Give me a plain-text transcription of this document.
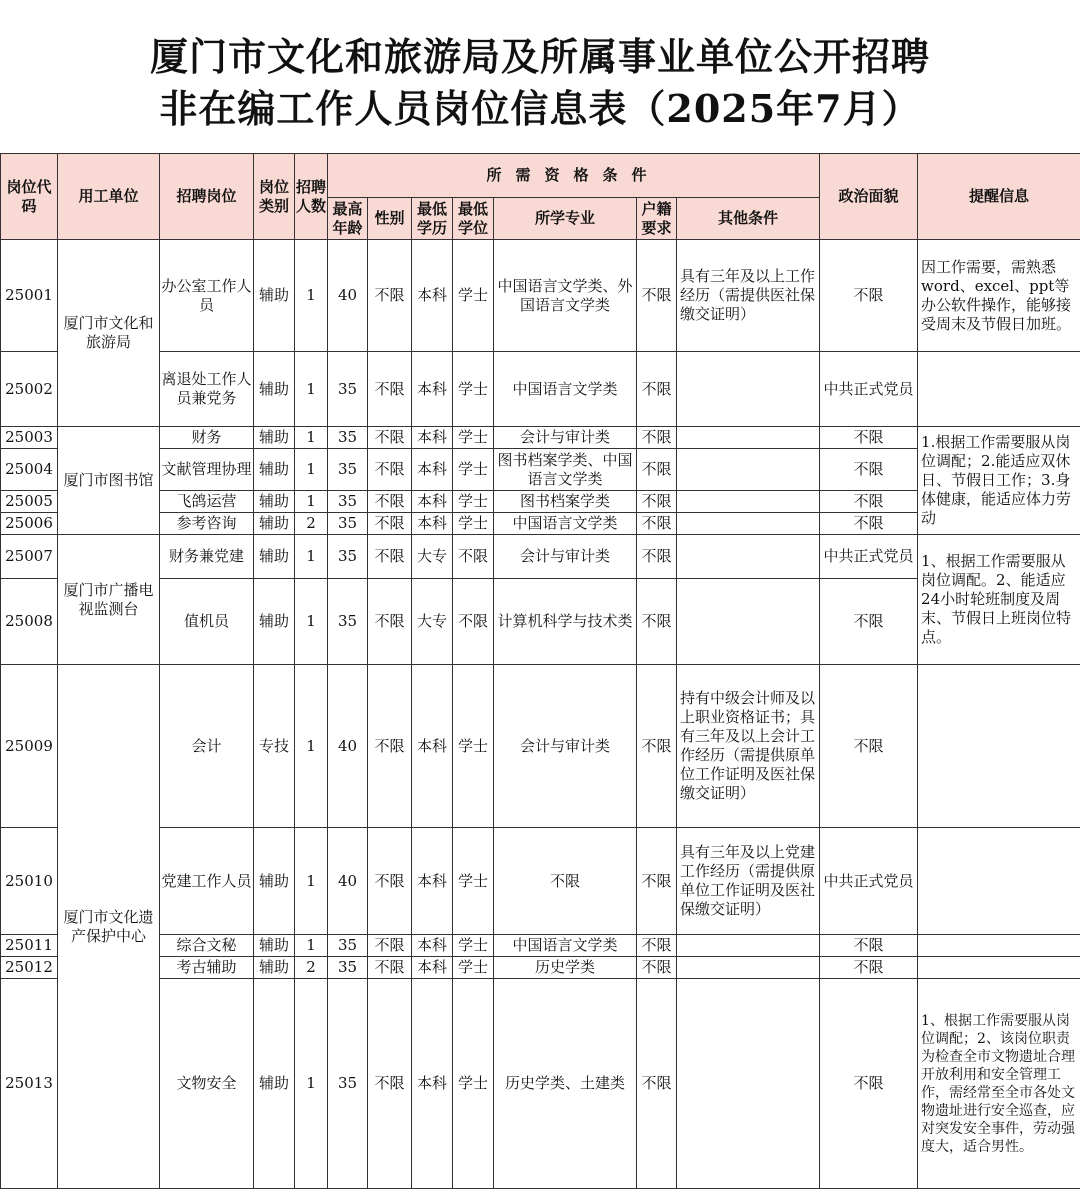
厦门市文化和旅游局及所属事业单位公开招聘
非在编工作人员岗位信息表（2025年7月）
岗位代码	用工单位	招聘岗位	岗位类别	招聘人数	所需资格条件							政治面貌	提醒信息
					最高年龄	性别	最低学历	最低学位	所学专业	户籍要求	其他条件		
25001	厦门市文化和旅游局	办公室工作人员	辅助	1	40	不限	本科	学士	中国语言文学类、外国语言文学类	不限	具有三年及以上工作经历（需提供医社保缴交证明）	不限	因工作需要，需熟悉word、excel、ppt等办公软件操作，能够接受周末及节假日加班。
25002		离退处工作人员兼党务	辅助	1	35	不限	本科	学士	中国语言文学类	不限		中共正式党员	
25003	厦门市图书馆	财务	辅助	1	35	不限	本科	学士	会计与审计类	不限		不限	1.根据工作需要服从岗位调配；2.能适应双休日、节假日工作；3.身体健康，能适应体力劳动
25004		文献管理协理	辅助	1	35	不限	本科	学士	图书档案学类、中国语言文学类	不限		不限	
25005		飞鸽运营	辅助	1	35	不限	本科	学士	图书档案学类	不限		不限	
25006		参考咨询	辅助	2	35	不限	本科	学士	中国语言文学类	不限		不限	
25007	厦门市广播电视监测台	财务兼党建	辅助	1	35	不限	大专	不限	会计与审计类	不限		中共正式党员	1、根据工作需要服从岗位调配。2、能适应24小时轮班制度及周末、节假日上班岗位特点。
25008		值机员	辅助	1	35	不限	大专	不限	计算机科学与技术类	不限		不限	
25009	厦门市文化遗产保护中心	会计	专技	1	40	不限	本科	学士	会计与审计类	不限	持有中级会计师及以上职业资格证书；具有三年及以上会计工作经历（需提供原单位工作证明及医社保缴交证明）	不限	
25010		党建工作人员	辅助	1	40	不限	本科	学士	不限	不限	具有三年及以上党建工作经历（需提供原单位工作证明及医社保缴交证明）	中共正式党员	
25011		综合文秘	辅助	1	35	不限	本科	学士	中国语言文学类	不限		不限	
25012		考古辅助	辅助	2	35	不限	本科	学士	历史学类	不限		不限	
25013		文物安全	辅助	1	35	不限	本科	学士	历史学类、土建类	不限		不限	1、根据工作需要服从岗位调配；2、该岗位职责为检查全市文物遗址合理开放利用和安全管理工作，需经常至全市各处文物遗址进行安全巡查，应对突发安全事件，劳动强度大，适合男性。
